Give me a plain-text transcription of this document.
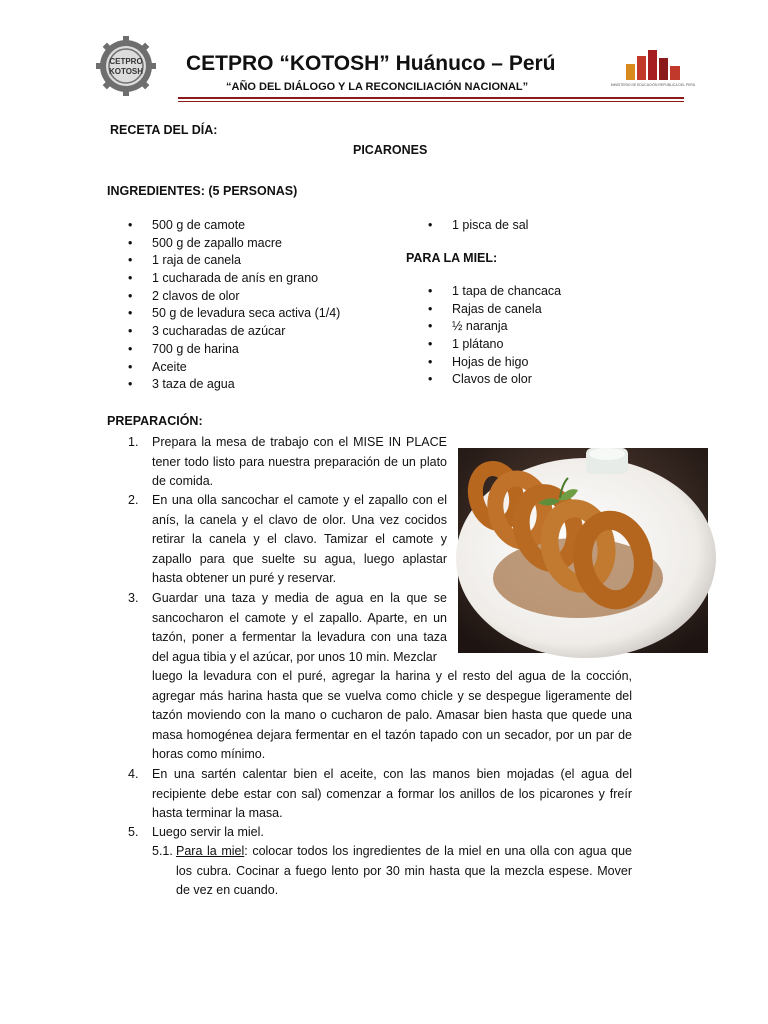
CETPRO
KOTOSH CETPRO “KOTOSH” Huánuco – Perú
“AÑO DEL DIÁLOGO Y LA RECONCILIACIÓN NACIONAL”	MINISTERIO DE EDUCACIÓN REPÚBLICA DEL PERÚ
RECETA DEL DÍA:
PICARONES
INGREDIENTES: (5 PERSONAS)
• 500 g de camote
• 500 g de zapallo macre
• 1 raja de canela
• 1 cucharada de anís en grano
• 2 clavos de olor
• 50 g de levadura seca activa (1/4)
• 3 cucharadas de azúcar
• 700 g de harina
• Aceite
• 3 taza de agua
• 1 pisca de sal
PARA LA MIEL:
• 1 tapa de chancaca
• Rajas de canela
• ½ naranja
• 1 plátano
• Hojas de higo
• Clavos de olor
PREPARACIÓN:
1. Prepara la mesa de trabajo con el MISE IN PLACE tener todo listo para nuestra preparación de un plato de comida.
2. En una olla sancochar el camote y el zapallo con el anís, la canela y el clavo de olor. Una vez cocidos retirar la canela y el clavo. Tamizar el camote y zapallo para que suelte su agua, luego aplastar hasta obtener un puré y reservar.
3. Guardar una taza y media de agua en la que se sancocharon el camote y el zapallo. Aparte, en un tazón, poner a fermentar la levadura con una taza del agua tibia y el azúcar, por unos 10 min. Mezclar
luego la levadura con el puré, agregar la harina y el resto del agua de la cocción, agregar más harina hasta que se vuelva como chicle y se despegue ligeramente del tazón moviendo con la mano o cucharon de palo. Amasar bien hasta que quede una masa homogénea dejara fermentar en el tazón tapado con un secador, por un par de horas como mínimo.
4. En una sartén calentar bien el aceite, con las manos bien mojadas (el agua del recipiente debe estar con sal) comenzar a formar los anillos de los picarones y freír hasta terminar la masa.
5. Luego servir la miel.
5.1. Para la miel: colocar todos los ingredientes de la miel en una olla con agua que los cubra. Cocinar a fuego lento por 30 min hasta que la mezcla espese. Mover de vez en cuando.
